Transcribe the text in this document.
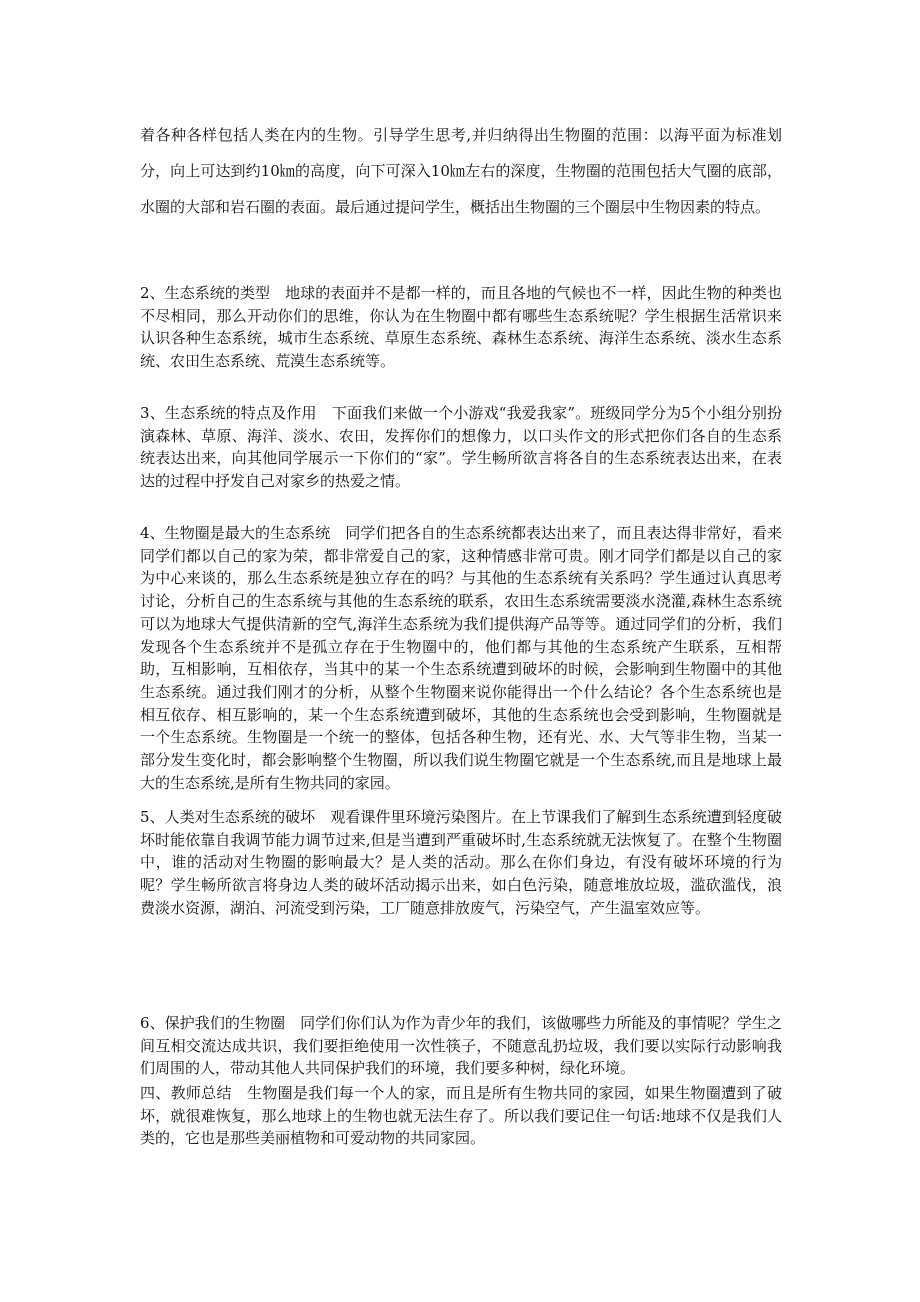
着各种各样包括人类在内的生物。引导学生思考,并归纳得出生物圈的范围：以海平面为标准划分，向上可达到约10㎞的高度，向下可深入10㎞左右的深度，生物圈的范围包括大气圈的底部，水圈的大部和岩石圈的表面。最后通过提问学生，概括出生物圈的三个圈层中生物因素的特点。

2、生态系统的类型　地球的表面并不是都一样的，而且各地的气候也不一样，因此生物的种类也不尽相同，那么开动你们的思维，你认为在生物圈中都有哪些生态系统呢？学生根据生活常识来认识各种生态系统，城市生态系统、草原生态系统、森林生态系统、海洋生态系统、淡水生态系统、农田生态系统、荒漠生态系统等。

3、生态系统的特点及作用　下面我们来做一个小游戏“我爱我家”。班级同学分为5个小组分别扮演森林、草原、海洋、淡水、农田，发挥你们的想像力，以口头作文的形式把你们各自的生态系统表达出来，向其他同学展示一下你们的“家”。学生畅所欲言将各自的生态系统表达出来，在表达的过程中抒发自己对家乡的热爱之情。

4、生物圈是最大的生态系统　同学们把各自的生态系统都表达出来了，而且表达得非常好，看来同学们都以自己的家为荣，都非常爱自己的家，这种情感非常可贵。刚才同学们都是以自己的家为中心来谈的，那么生态系统是独立存在的吗？与其他的生态系统有关系吗？学生通过认真思考讨论，分析自己的生态系统与其他的生态系统的联系，农田生态系统需要淡水浇灌,森林生态系统可以为地球大气提供清新的空气,海洋生态系统为我们提供海产品等等。通过同学们的分析，我们发现各个生态系统并不是孤立存在于生物圈中的，他们都与其他的生态系统产生联系，互相帮助，互相影响，互相依存，当其中的某一个生态系统遭到破坏的时候，会影响到生物圈中的其他生态系统。通过我们刚才的分析，从整个生物圈来说你能得出一个什么结论？各个生态系统也是相互依存、相互影响的，某一个生态系统遭到破坏，其他的生态系统也会受到影响，生物圈就是一个生态系统。生物圈是一个统一的整体，包括各种生物，还有光、水、大气等非生物，当某一部分发生变化时，都会影响整个生物圈，所以我们说生物圈它就是一个生态系统,而且是地球上最大的生态系统,是所有生物共同的家园。

5、人类对生态系统的破坏　观看课件里环境污染图片。在上节课我们了解到生态系统遭到轻度破坏时能依靠自我调节能力调节过来,但是当遭到严重破坏时,生态系统就无法恢复了。在整个生物圈中，谁的活动对生物圈的影响最大？是人类的活动。那么在你们身边，有没有破坏环境的行为呢？学生畅所欲言将身边人类的破坏活动揭示出来，如白色污染，随意堆放垃圾，滥砍滥伐，浪费淡水资源，湖泊、河流受到污染，工厂随意排放废气，污染空气，产生温室效应等。

6、保护我们的生物圈　同学们你们认为作为青少年的我们，该做哪些力所能及的事情呢？学生之间互相交流达成共识，我们要拒绝使用一次性筷子，不随意乱扔垃圾，我们要以实际行动影响我们周围的人，带动其他人共同保护我们的环境，我们要多种树，绿化环境。

四、教师总结　生物圈是我们每一个人的家，而且是所有生物共同的家园，如果生物圈遭到了破坏，就很难恢复，那么地球上的生物也就无法生存了。所以我们要记住一句话:地球不仅是我们人类的，它也是那些美丽植物和可爱动物的共同家园。
